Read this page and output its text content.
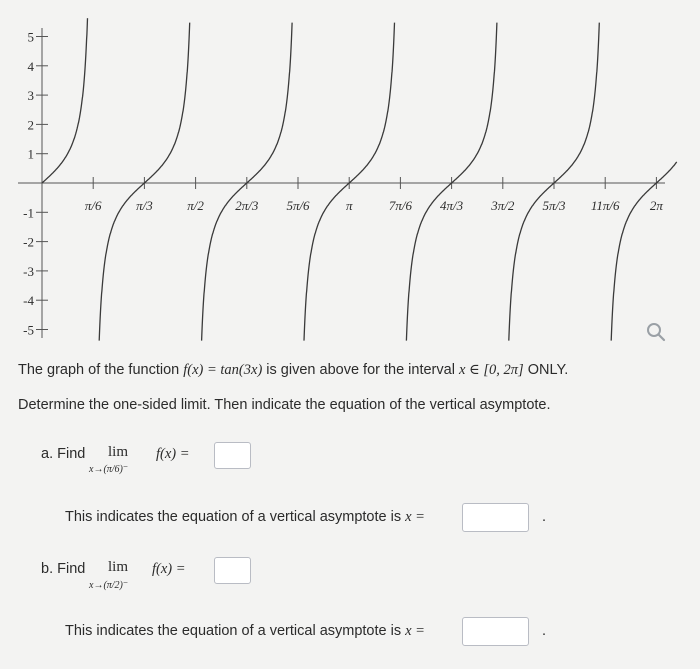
π/6	π/3	π/2 2π/3 5π/6	π	7π/6 4π/3 3π/2 5π/3 11π/6 2π
5
4
3
2
1
-1
-2
-3
-4
-5
The graph of the function f(x) = tan(3x) is given above for the interval x ∈ [0, 2π] ONLY.
Determine the one-sided limit. Then indicate the equation of the vertical asymptote.
a. Find lim
x→(π/6)⁻
f(x) =
This indicates the equation of a vertical asymptote is x =	.
b. Find lim
x→(π/2)⁻
f(x) =
This indicates the equation of a vertical asymptote is x =	.
